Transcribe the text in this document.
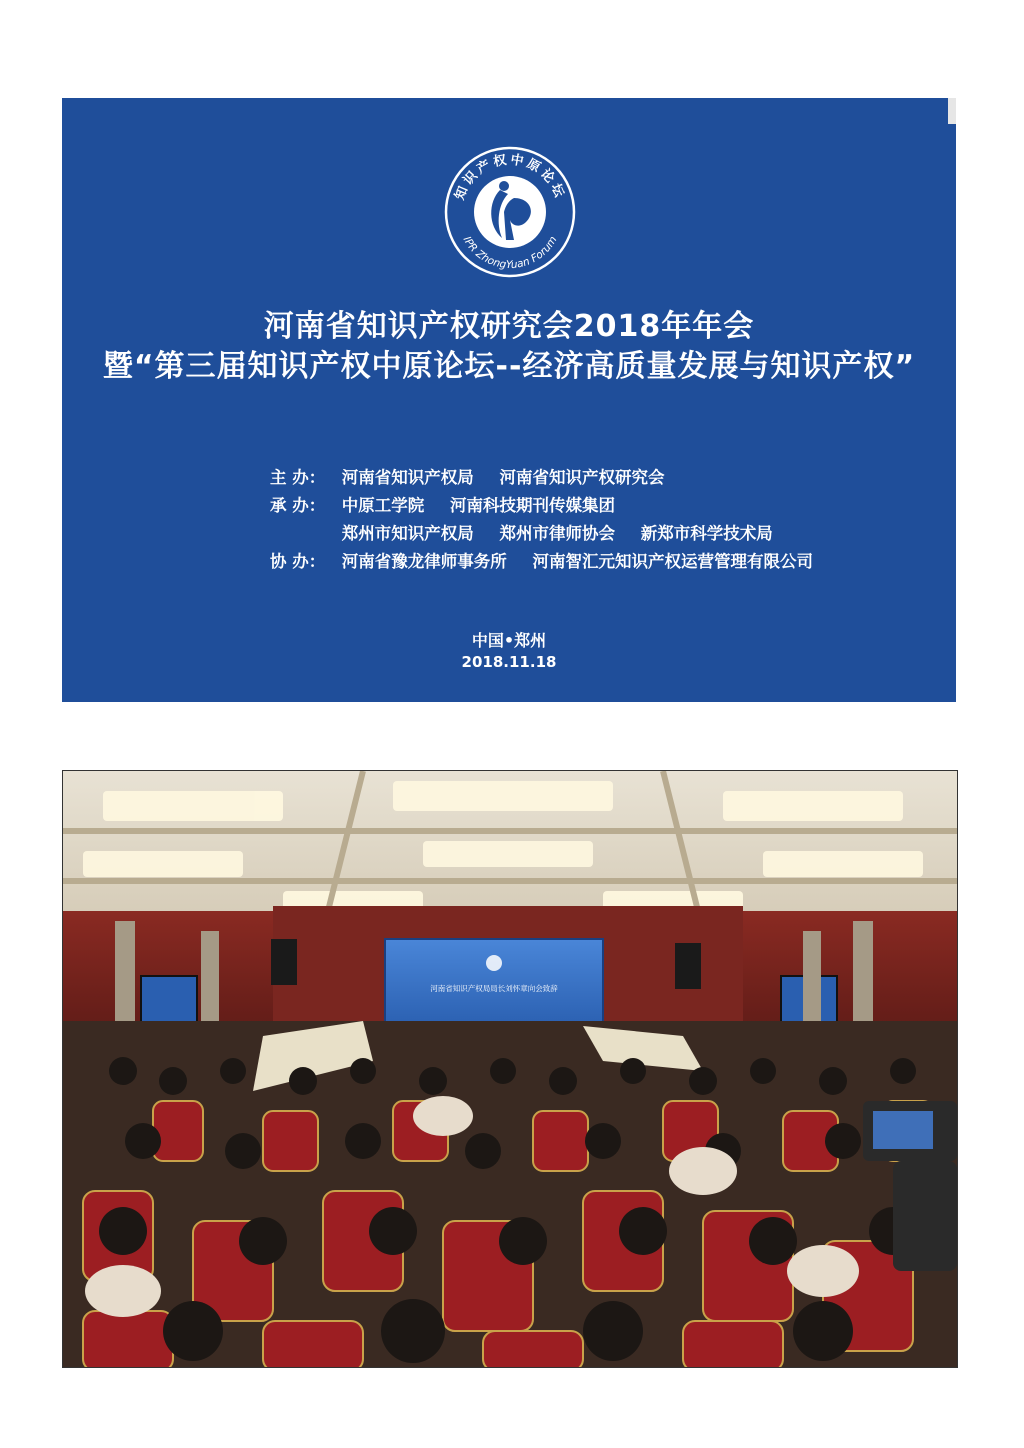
知识产权中原论坛
IPR ZhongYuan Forum
河南省知识产权研究会2018年年会
暨“第三届知识产权中原论坛--经济高质量发展与知识产权”
主 办： 河南省知识产权局 河南省知识产权研究会
承 办： 中原工学院 河南科技期刊传媒集团
郑州市知识产权局 郑州市律师协会 新郑市科学技术局
协 办： 河南省豫龙律师事务所 河南智汇元知识产权运营管理有限公司
中国•郑州
2018.11.18
河南省知识产权局局长刘怀章向会致辞
